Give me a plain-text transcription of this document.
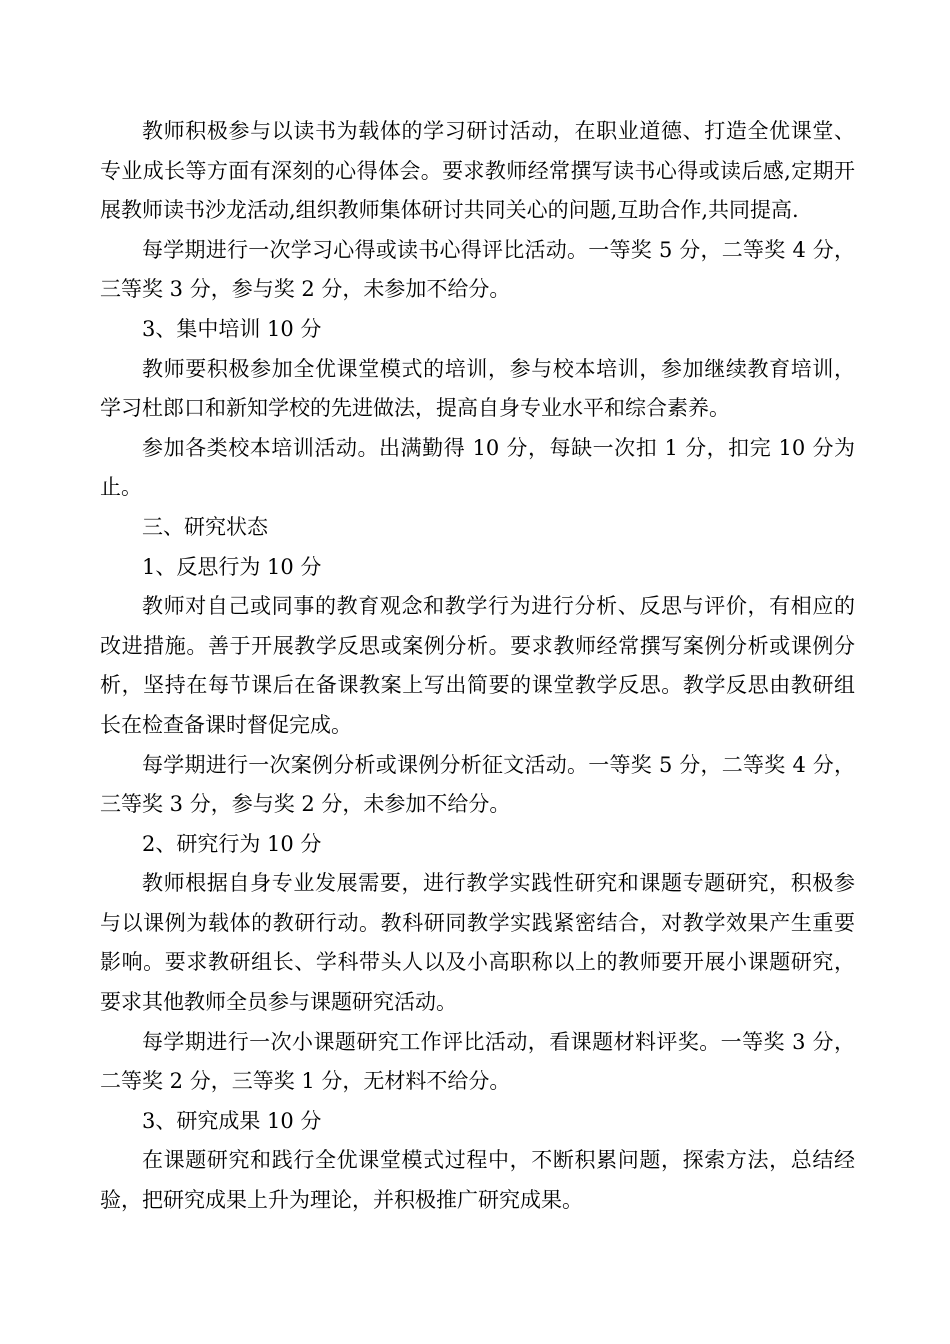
教师积极参与以读书为载体的学习研讨活动，在职业道德、打造全优课堂、专业成长等方面有深刻的心得体会。要求教师经常撰写读书心得或读后感,定期开展教师读书沙龙活动,组织教师集体研讨共同关心的问题,互助合作,共同提高.

每学期进行一次学习心得或读书心得评比活动。一等奖 5 分，二等奖 4 分，三等奖 3 分，参与奖 2 分，未参加不给分。

3、集中培训 10 分

教师要积极参加全优课堂模式的培训，参与校本培训，参加继续教育培训，学习杜郎口和新知学校的先进做法，提高自身专业水平和综合素养。

参加各类校本培训活动。出满勤得 10 分，每缺一次扣 1 分，扣完 10 分为止。

三、研究状态

1、反思行为 10 分

教师对自己或同事的教育观念和教学行为进行分析、反思与评价，有相应的改进措施。善于开展教学反思或案例分析。要求教师经常撰写案例分析或课例分析，坚持在每节课后在备课教案上写出简要的课堂教学反思。教学反思由教研组长在检查备课时督促完成。

每学期进行一次案例分析或课例分析征文活动。一等奖 5 分，二等奖 4 分，三等奖 3 分，参与奖 2 分，未参加不给分。

2、研究行为 10 分

教师根据自身专业发展需要，进行教学实践性研究和课题专题研究，积极参与以课例为载体的教研行动。教科研同教学实践紧密结合，对教学效果产生重要影响。要求教研组长、学科带头人以及小高职称以上的教师要开展小课题研究，要求其他教师全员参与课题研究活动。

每学期进行一次小课题研究工作评比活动，看课题材料评奖。一等奖 3 分，二等奖 2 分，三等奖 1 分，无材料不给分。

3、研究成果 10 分

在课题研究和践行全优课堂模式过程中，不断积累问题，探索方法，总结经验，把研究成果上升为理论，并积极推广研究成果。
